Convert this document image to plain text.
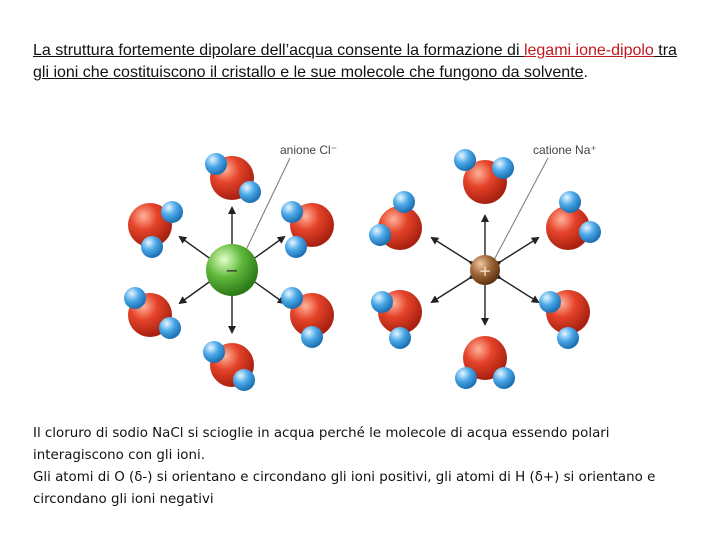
La struttura fortemente dipolare dell’acqua consente la formazione di legami ione-dipolo tra gli ioni che costituiscono il cristallo e le sue molecole che fungono da solvente.
anione Cl⁻	catione Na⁺
−	+

Il cloruro di sodio NaCl si scioglie in acqua perché le molecole di acqua essendo polari interagiscono con gli ioni.

Gli atomi di O (δ-) si orientano e circondano gli ioni positivi, gli atomi di H (δ+) si orientano e circondano gli ioni negativi
